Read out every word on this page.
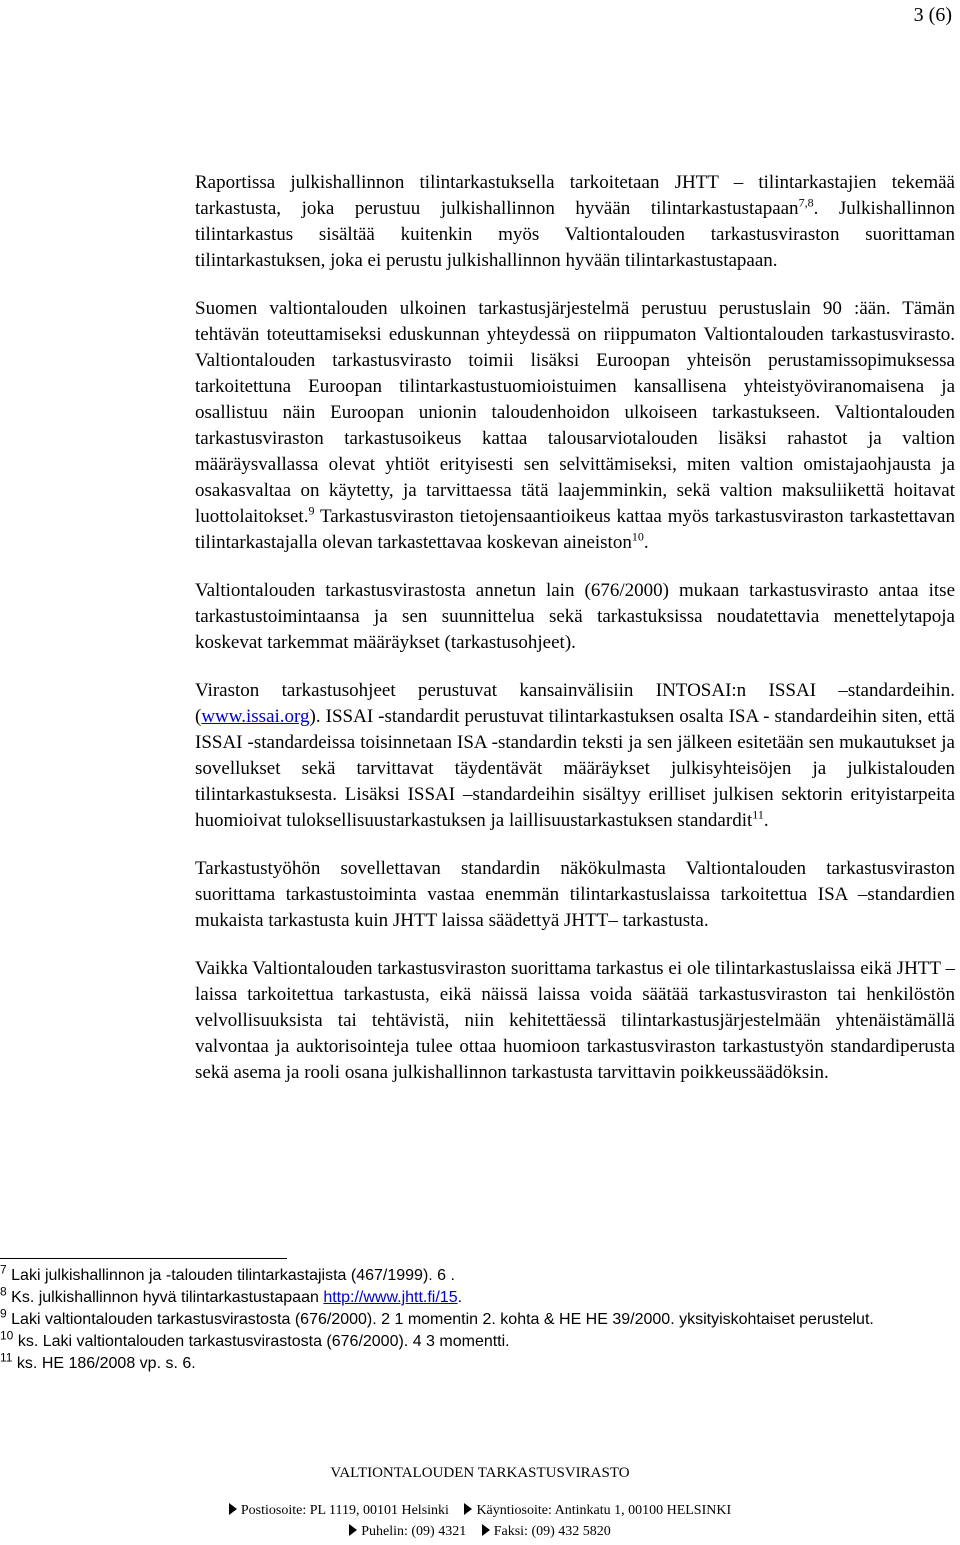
3 (6)

Raportissa julkishallinnon tilintarkastuksella tarkoitetaan JHTT – tilintarkastajien tekemää tarkastusta, joka perustuu julkishallinnon hyvään tilintarkastustapaan$^{7,8}$. Julkishallinnon tilintarkastus sisältää kuitenkin myös Valtiontalouden tarkastusviraston suorittaman tilintarkastuksen, joka ei perustu julkishallinnon hyvään tilintarkastustapaan.

Suomen valtiontalouden ulkoinen tarkastusjärjestelmä perustuu perustuslain 90 :ään. Tämän tehtävän toteuttamiseksi eduskunnan yhteydessä on riippumaton Valtiontalouden tarkastusvirasto. Valtiontalouden tarkastusvirasto toimii lisäksi Euroopan yhteisön perustamissopimuksessa tarkoitettuna Euroopan tilintarkastustuomioistuimen kansallisena yhteistyöviranomaisena ja osallistuu näin Euroopan unionin taloudenhoidon ulkoiseen tarkastukseen. Valtiontalouden tarkastusviraston tarkastusoikeus kattaa talousarviotalouden lisäksi rahastot ja valtion määräysvallassa olevat yhtiöt erityisesti sen selvittämiseksi, miten valtion omistajaohjausta ja osakasvaltaa on käytetty, ja tarvittaessa tätä laajemminkin, sekä valtion maksuliikettä hoitavat luottolaitokset.$^9$ Tarkastusviraston tietojensaantioikeus kattaa myös tarkastusviraston tarkastettavan tilintarkastajalla olevan tarkastettavaa koskevan aineiston$^{10}$.

Valtiontalouden tarkastusvirastosta annetun lain (676/2000) mukaan tarkastusvirasto antaa itse tarkastustoimintaansa ja sen suunnittelua sekä tarkastuksissa noudatettavia menettelytapoja koskevat tarkemmat määräykset (tarkastusohjeet).

Viraston tarkastusohjeet perustuvat kansainvälisiin INTOSAI:n ISSAI –standardeihin. (www.issai.org). ISSAI -standardit perustuvat tilintarkastuksen osalta ISA - standardeihin siten, että ISSAI -standardeissa toisinnetaan ISA -standardin teksti ja sen jälkeen esitetään sen mukautukset ja sovellukset sekä tarvittavat täydentävät määräykset julkisyhteisöjen ja julkistalouden tilintarkastuksesta. Lisäksi ISSAI –standardeihin sisältyy erilliset julkisen sektorin erityistarpeita huomioivat tuloksellisuustarkastuksen ja laillisuustarkastuksen standardit$^{11}$.

Tarkastustyöhön sovellettavan standardin näkökulmasta Valtiontalouden tarkastusviraston suorittama tarkastustoiminta vastaa enemmän tilintarkastuslaissa tarkoitettua ISA –standardien mukaista tarkastusta kuin JHTT laissa säädettyä JHTT– tarkastusta.

Vaikka Valtiontalouden tarkastusviraston suorittama tarkastus ei ole tilintarkastuslaissa eikä JHTT –laissa tarkoitettua tarkastusta, eikä näissä laissa voida säätää tarkastusviraston tai henkilöstön velvollisuuksista tai tehtävistä, niin kehitettäessä tilintarkastusjärjestelmään yhtenäistämällä valvontaa ja auktorisointeja tulee ottaa huomioon tarkastusviraston tarkastustyön standardiperusta sekä asema ja rooli osana julkishallinnon tarkastusta tarvittavin poikkeussäädöksin.

$^7$ Laki julkishallinnon ja -talouden tilintarkastajista (467/1999). 6 .

$^8$ Ks. julkishallinnon hyvä tilintarkastustapaan http://www.jhtt.fi/15.

$^9$ Laki valtiontalouden tarkastusvirastosta (676/2000). 2 1 momentin 2. kohta & HE HE 39/2000. yksityiskohtaiset perustelut.

$^{10}$ ks. Laki valtiontalouden tarkastusvirastosta (676/2000). 4 3 momentti.

$^{11}$ ks. HE 186/2008 vp. s. 6.

VALTIONTALOUDEN TARKASTUSVIRASTO
Postiosoite: PL 1119, 00101 Helsinki Käyntiosoite: Antinkatu 1, 00100 HELSINKI
Puhelin: (09) 4321 Faksi: (09) 432 5820
